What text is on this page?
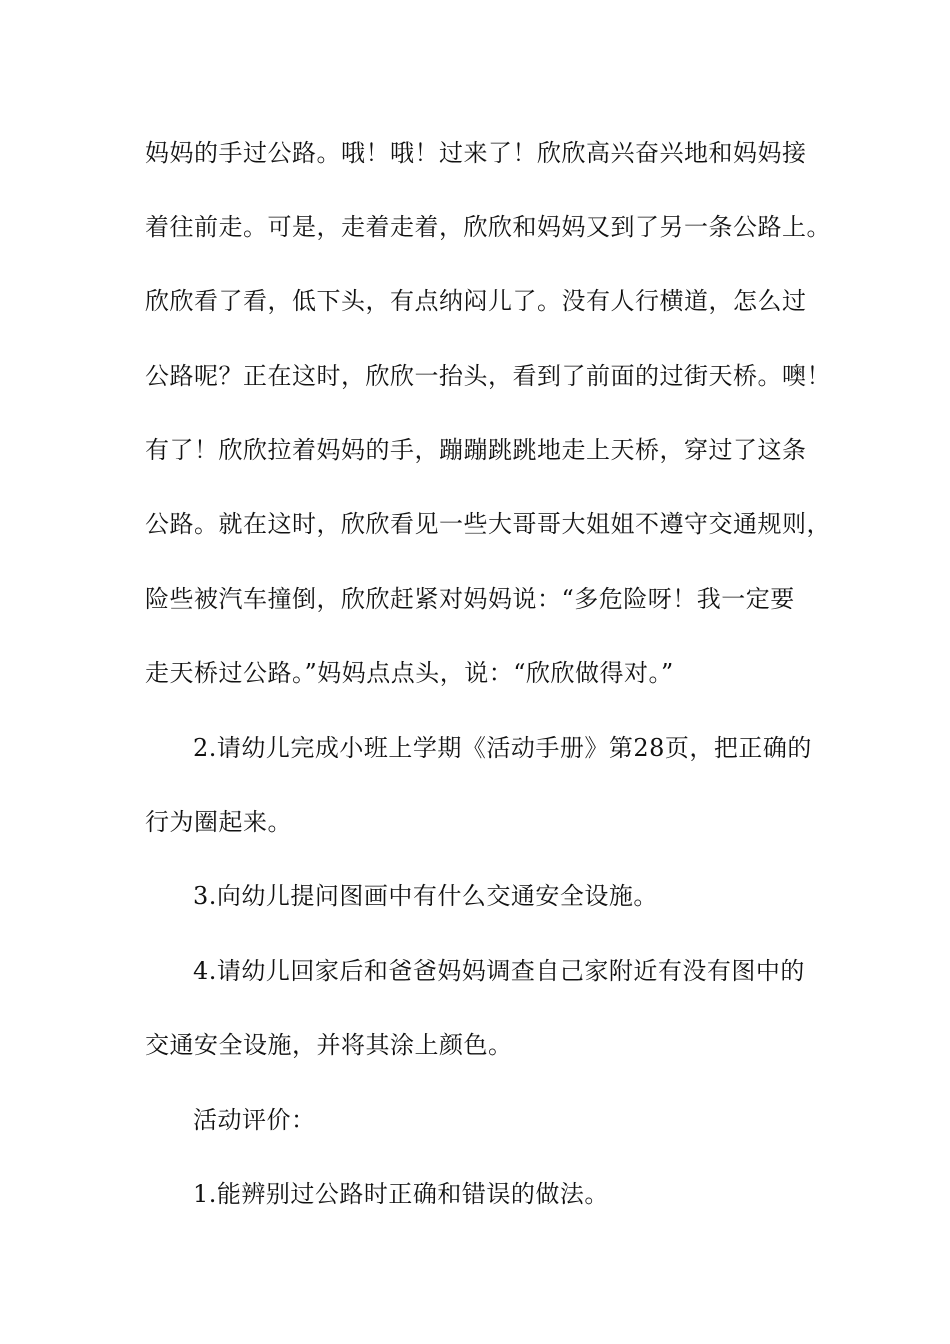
妈妈的手过公路。哦！哦！过来了！欣欣高兴奋兴地和妈妈接

着往前走。可是，走着走着，欣欣和妈妈又到了另一条公路上。

欣欣看了看，低下头，有点纳闷儿了。没有人行横道，怎么过

公路呢？正在这时，欣欣一抬头，看到了前面的过街天桥。噢！

有了！欣欣拉着妈妈的手，蹦蹦跳跳地走上天桥，穿过了这条

公路。就在这时，欣欣看见一些大哥哥大姐姐不遵守交通规则，

险些被汽车撞倒，欣欣赶紧对妈妈说：“多危险呀！我一定要

走天桥过公路。”妈妈点点头，说：“欣欣做得对。”

2.请幼儿完成小班上学期《活动手册》第28页，把正确的

行为圈起来。

3.向幼儿提问图画中有什么交通安全设施。

4.请幼儿回家后和爸爸妈妈调查自己家附近有没有图中的

交通安全设施，并将其涂上颜色。

活动评价：

1.能辨别过公路时正确和错误的做法。
